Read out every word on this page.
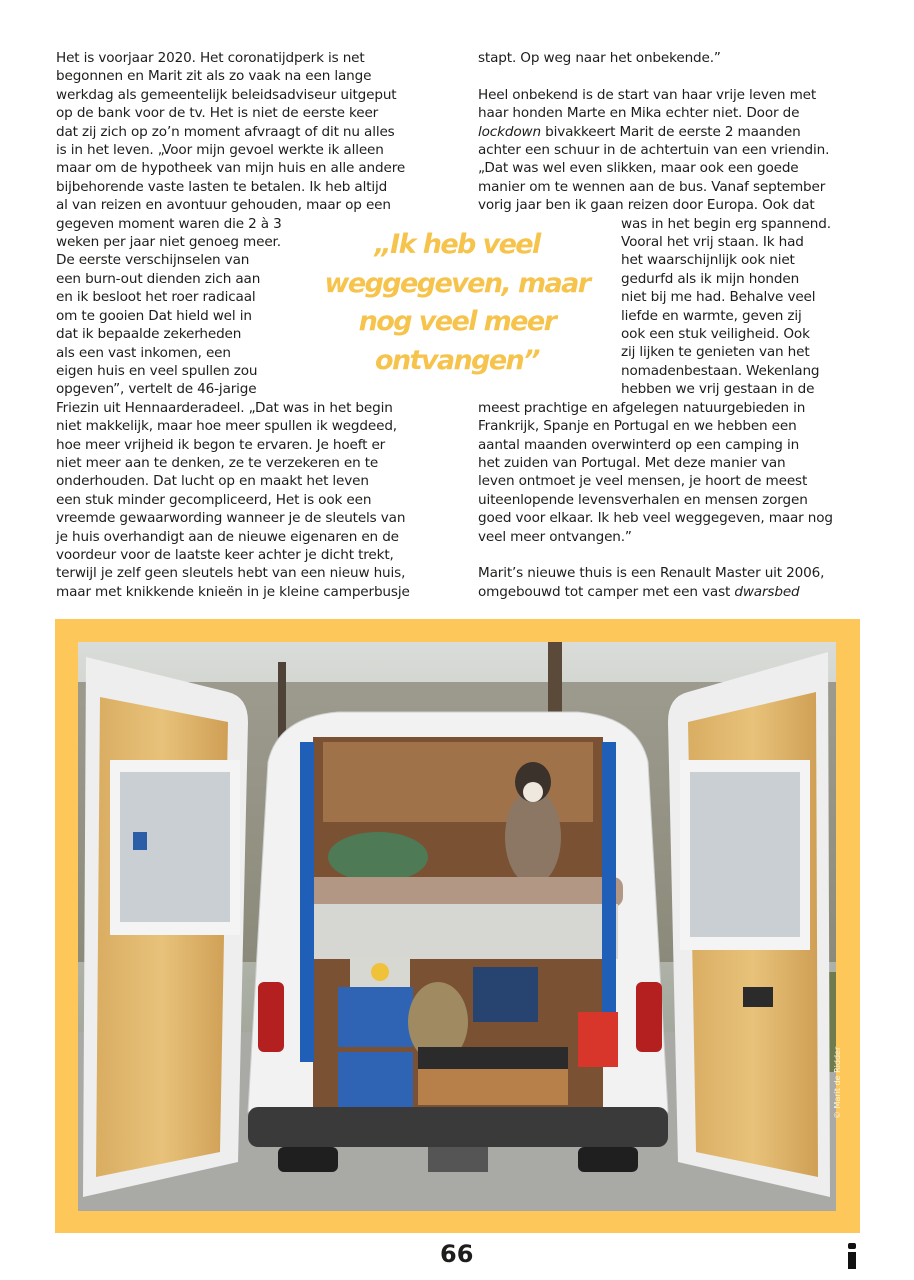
Het is voorjaar 2020. Het coronatijdperk is net

begonnen en Marit zit als zo vaak na een lange

werkdag als gemeentelijk beleidsadviseur uitgeput

op de bank voor de tv. Het is niet de eerste keer

dat zij zich op zo’n moment afvraagt of dit nu alles

is in het leven. „Voor mijn gevoel werkte ik alleen

maar om de hypotheek van mijn huis en alle andere

bijbehorende vaste lasten te betalen. Ik heb altijd

al van reizen en avontuur gehouden, maar op een

gegeven moment waren die 2 à 3

weken per jaar niet genoeg meer.

De eerste verschijnselen van

een burn-out dienden zich aan

en ik besloot het roer radicaal

om te gooien Dat hield wel in

dat ik bepaalde zekerheden

als een vast inkomen, een

eigen huis en veel spullen zou

opgeven”, vertelt de 46-jarige

Friezin uit Hennaarderadeel. „Dat was in het begin

niet makkelijk, maar hoe meer spullen ik wegdeed,

hoe meer vrijheid ik begon te ervaren. Je hoeft er

niet meer aan te denken, ze te verzekeren en te

onderhouden. Dat lucht op en maakt het leven

een stuk minder gecompliceerd, Het is ook een

vreemde gewaarwording wanneer je de sleutels van

je huis overhandigt aan de nieuwe eigenaren en de

voordeur voor de laatste keer achter je dicht trekt,

terwijl je zelf geen sleutels hebt van een nieuw huis,

maar met knikkende knieën in je kleine camperbusje

stapt. Op weg naar het onbekende.”

Heel onbekend is de start van haar vrije leven met

haar honden Marte en Mika echter niet. Door de

lockdown bivakkeert Marit de eerste 2 maanden

achter een schuur in de achtertuin van een vriendin.

„Dat was wel even slikken, maar ook een goede

manier om te wennen aan de bus. Vanaf september

vorig jaar ben ik gaan reizen door Europa. Ook dat

was in het begin erg spannend.

Vooral het vrij staan. Ik had

het waarschijnlijk ook niet

gedurfd als ik mijn honden

niet bij me had. Behalve veel

liefde en warmte, geven zij

ook een stuk veiligheid. Ook

zij lijken te genieten van het

nomadenbestaan. Wekenlang

hebben we vrij gestaan in de

meest prachtige en afgelegen natuurgebieden in

Frankrijk, Spanje en Portugal en we hebben een

aantal maanden overwinterd op een camping in

het zuiden van Portugal. Met deze manier van

leven ontmoet je veel mensen, je hoort de meest

uiteenlopende levensverhalen en mensen zorgen

goed voor elkaar. Ik heb veel weggegeven, maar nog

veel meer ontvangen.”

Marit’s nieuwe thuis is een Renault Master uit 2006,

omgebouwd tot camper met een vast dwarsbed

„Ik heb veel
weggegeven, maar
nog veel meer
ontvangen”
© Marit de Ridder
66
